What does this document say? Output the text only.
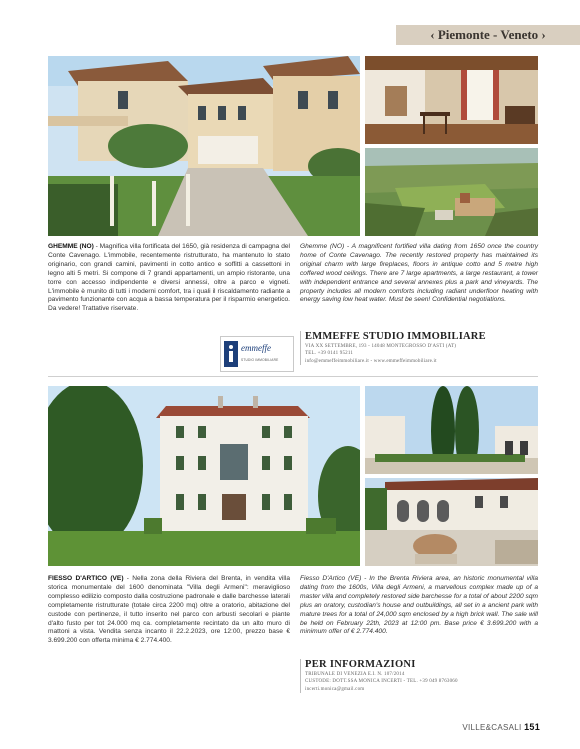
‹ Piemonte - Veneto ›
GHEMME (NO) - Magnifica villa fortificata del 1650, già residenza di campagna del Conte Cavenago. L'immobile, recentemente ristrutturato, ha mantenuto lo stato originario, con grandi camini, pavimenti in cotto antico e soffitti a cassettoni in legno alti 5 metri. Si compone di 7 grandi appartamenti, un ampio ristorante, una torre con accesso indipendente e diversi annessi, oltre a parco e vigneti. L'immobile è munito di tutti i moderni comfort, tra i quali il riscaldamento radiante a pavimento funzionante con acqua a bassa temperatura per il risparmio energetico. Da vedere! Trattative riservate.
Ghemme (NO) - A magnificent fortified villa dating from 1650 once the country home of Conte Cavenago. The recently restored property has maintained its original charm with large fireplaces, floors in antique cotto and 5 metre high coffered wood ceilings. There are 7 large apartments, a large restaurant, a tower with independent entrance and several annexes plus a park and vineyards. The property includes all modern comforts including radiant underfloor heating with energy saving low heat water. Must be seen! Confidential negotiations.
emmeffe
STUDIO IMMOBILIARE
EMMEFFE STUDIO IMMOBILIARE
VIA XX SETTEMBRE, 193 - 14048 MONTEGROSSO D'ASTI (AT)
TEL. +39 0141 95211
info@emmeffeimmobiliare.it - www.emmeffeimmobiliare.it
FIESSO D'ARTICO (VE) - Nella zona della Riviera del Brenta, in vendita villa storica monumentale del 1600 denominata "Villa degli Armeni": meraviglioso complesso edilizio composto dalla costruzione padronale e dalle barchesse laterali completamente ristrutturate (totale circa 2200 mq) oltre a oratorio, abitazione del custode con pertinenze, il tutto inserito nel parco con arbusti secolari e piante d'alto fusto per tot 24.000 mq ca. completamente recintato da un alto muro di mattoni a vista. Vendita senza incanto il 22.2.2023, ore 12:00, prezzo base € 3.699.200 con offerta minima € 2.774.400.
Fiesso D'Artico (VE) - In the Brenta Riviera area, an historic monumental villa dating from the 1600s, Villa degli Armeni, a marvellous complex made up of a master villa and completely restored side barchesse for a total of about 2200 sqm plus an oratory, custodian's house and outbuildings, all set in a ancient park with mature trees for a total of 24,000 sqm enclosed by a high brick wall. The sale will be held on February 22th, 2023 at 12:00 pm. Base price € 3.699.200 with a minimum offer of € 2.774.400.
PER INFORMAZIONI
TRIBUNALE DI VENEZIA E.I. N. 107/2014
CUSTODE: DOTT.SSA MONICA INCERTI - TEL. +39 049 8763060
incerti.monica@gmail.com
VILLE&CASALI 151
